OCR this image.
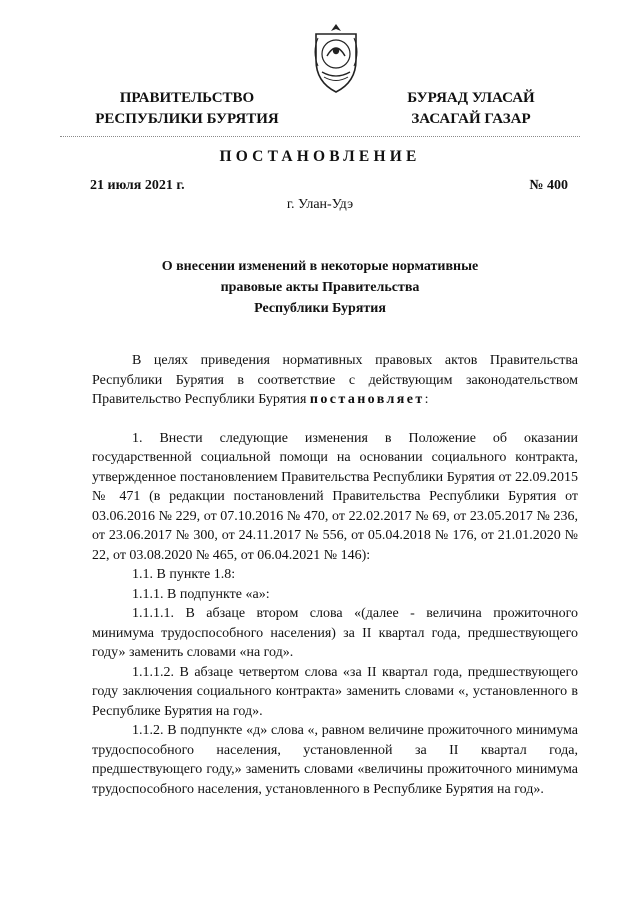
ПРАВИТЕЛЬСТВО
РЕСПУБЛИКИ БУРЯТИЯ
БУРЯАД УЛАСАЙ
ЗАСАГАЙ ГАЗАР
ПОСТАНОВЛЕНИЕ
21 июля 2021 г.	№ 400
г. Улан-Удэ
О внесении изменений в некоторые нормативные
правовые акты Правительства
Республики Бурятия

В целях приведения нормативных правовых актов Правительства Республики Бурятия в соответствие с действующим законодательством Правительство Республики Бурятия постановляет:

1. Внести следующие изменения в Положение об оказании государственной социальной помощи на основании социального контракта, утвержденное постановлением Правительства Республики Бурятия от 22.09.2015 № 471 (в редакции постановлений Правительства Республики Бурятия от 03.06.2016 № 229, от 07.10.2016 № 470, от 22.02.2017 № 69, от 23.05.2017 № 236, от 23.06.2017 № 300, от 24.11.2017 № 556, от 05.04.2018 № 176, от 21.01.2020 № 22, от 03.08.2020 № 465, от 06.04.2021 № 146):

1.1. В пункте 1.8:

1.1.1. В подпункте «а»:

1.1.1.1. В абзаце втором слова «(далее - величина прожиточного минимума трудоспособного населения) за II квартал года, предшествующего году» заменить словами «на год».

1.1.1.2. В абзаце четвертом слова «за II квартал года, предшествующего году заключения социального контракта» заменить словами «, установленного в Республике Бурятия на год».

1.1.2. В подпункте «д» слова «, равном величине прожиточного минимума трудоспособного населения, установленной за II квартал года, предшествующего году,» заменить словами «величины прожиточного минимума трудоспособного населения, установленного в Республике Бурятия на год».
